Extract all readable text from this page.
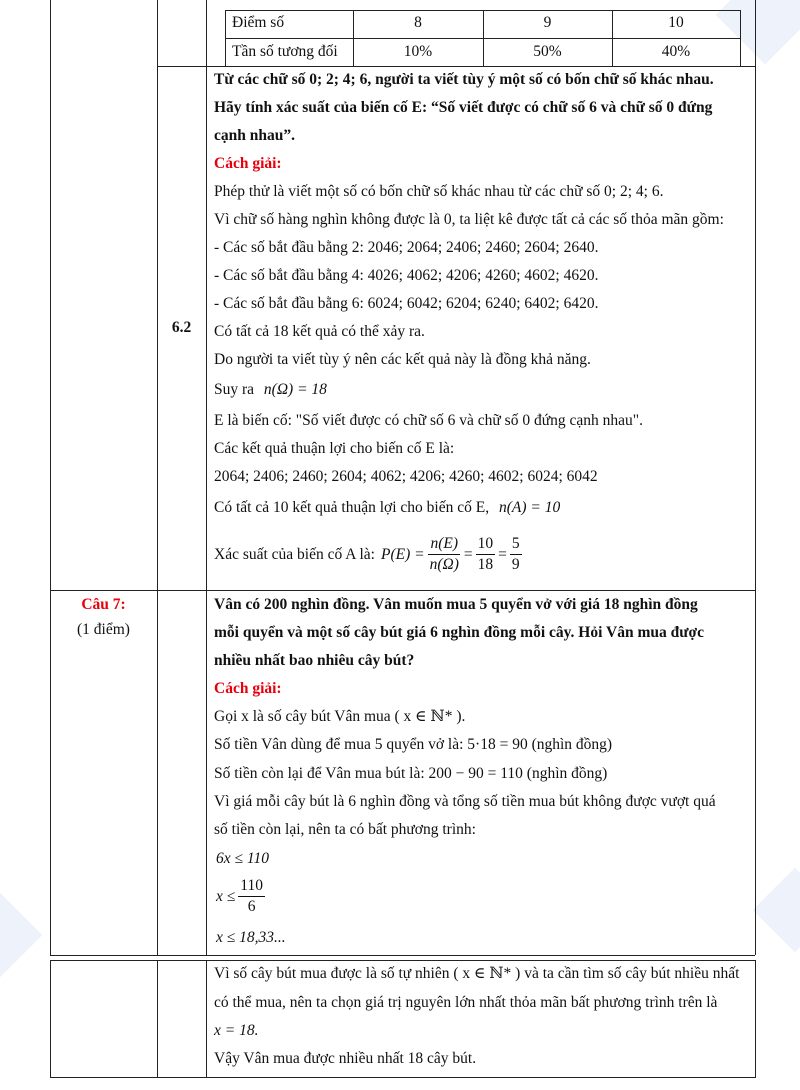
Điểm số	8	9	10
Tần số tương đối	10%	50%	40%
6.2
Từ các chữ số 0; 2; 4; 6, người ta viết tùy ý một số có bốn chữ số khác nhau.
Hãy tính xác suất của biến cố E: “Số viết được có chữ số 6 và chữ số 0 đứng
cạnh nhau”.
Cách giải:
Phép thử là viết một số có bốn chữ số khác nhau từ các chữ số 0; 2; 4; 6.
Vì chữ số hàng nghìn không được là 0, ta liệt kê được tất cả các số thỏa mãn gồm:
- Các số bắt đầu bằng 2: 2046; 2064; 2406; 2460; 2604; 2640.
- Các số bắt đầu bằng 4: 4026; 4062; 4206; 4260; 4602; 4620.
- Các số bắt đầu bằng 6: 6024; 6042; 6204; 6240; 6402; 6420.
Có tất cả 18 kết quả có thể xảy ra.
Do người ta viết tùy ý nên các kết quả này là đồng khả năng.
Suy ra n(Ω) = 18
E là biến cố: "Số viết được có chữ số 6 và chữ số 0 đứng cạnh nhau".
Các kết quả thuận lợi cho biến cố E là:
2064; 2406; 2460; 2604; 4062; 4206; 4260; 4602; 6024; 6042
Có tất cả 10 kết quả thuận lợi cho biến cố E, n(A) = 10
Xác suất của biến cố A là: $P(E) = \frac{n(E)}{n(\Omega)} = \frac{10}{18} = \frac{5}{9}$
Câu 7:
(1 điểm)
Vân có 200 nghìn đồng. Vân muốn mua 5 quyển vở với giá 18 nghìn đồng
mỗi quyển và một số cây bút giá 6 nghìn đồng mỗi cây. Hỏi Vân mua được
nhiều nhất bao nhiêu cây bút?
Cách giải:
Gọi x là số cây bút Vân mua ( x ∈ ℕ* ).
Số tiền Vân dùng để mua 5 quyển vở là: 5·18 = 90 (nghìn đồng)
Số tiền còn lại để Vân mua bút là: 200 − 90 = 110 (nghìn đồng)
Vì giá mỗi cây bút là 6 nghìn đồng và tổng số tiền mua bút không được vượt quá
số tiền còn lại, nên ta có bất phương trình:
6x ≤ 110
$x \le \frac{110}{6}$
x ≤ 18,33...
Vì số cây bút mua được là số tự nhiên ( x ∈ ℕ* ) và ta cần tìm số cây bút nhiều nhất
có thể mua, nên ta chọn giá trị nguyên lớn nhất thỏa mãn bất phương trình trên là
x = 18.
Vậy Vân mua được nhiều nhất 18 cây bút.
